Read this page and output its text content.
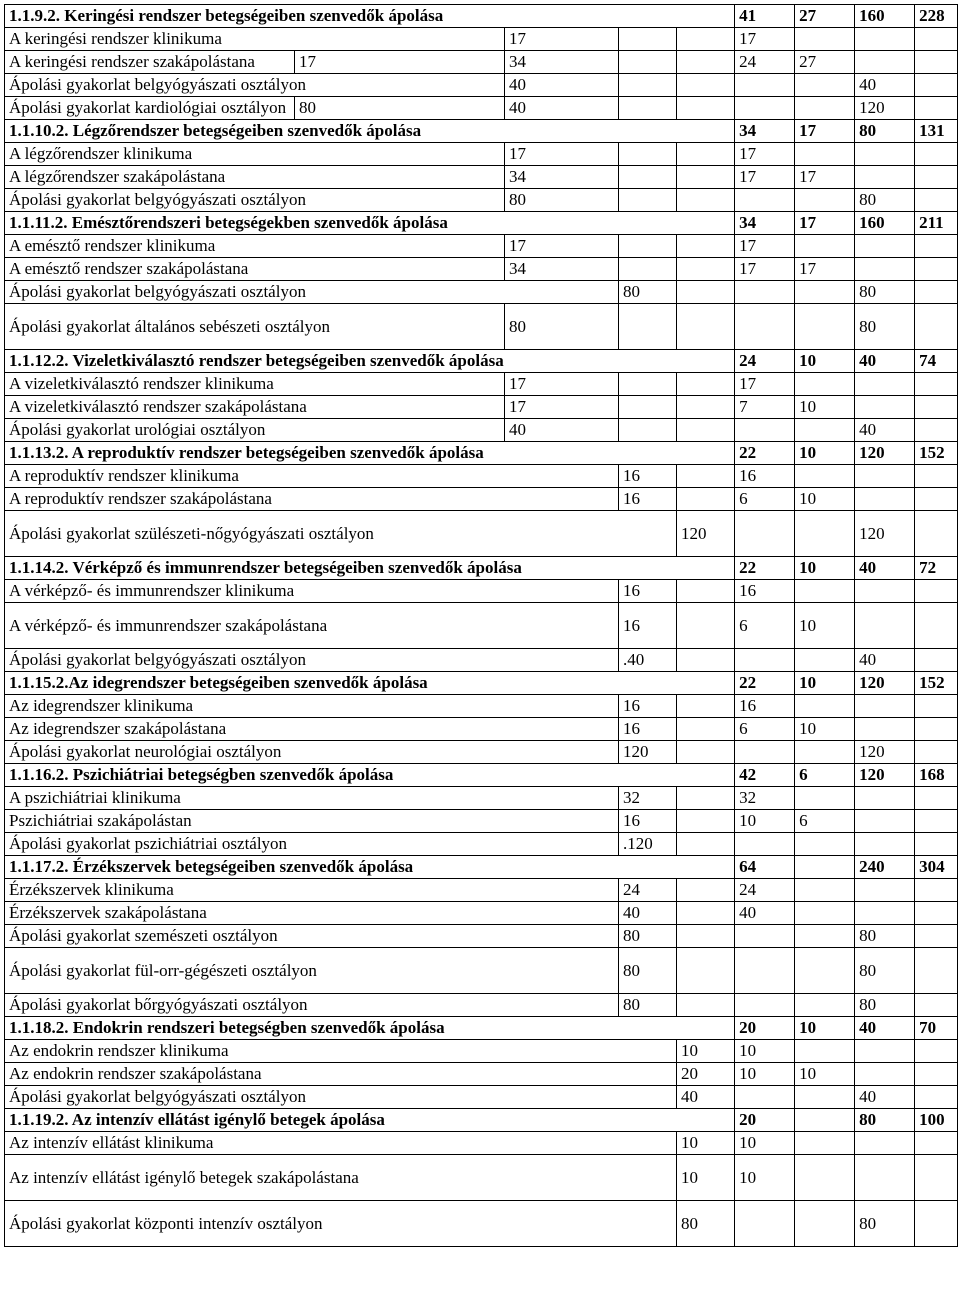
1.1.9.2. Keringési rendszer betegségeiben szenvedők ápolása					41	27	160	228
A keringési rendszer klinikuma		17			17			
A keringési rendszer szakápolástana	17	34			24	27		
Ápolási gyakorlat belgyógyászati osztályon		40					40	
Ápolási gyakorlat kardiológiai osztályon	80	40					120	
1.1.10.2. Légzőrendszer betegségeiben szenvedők ápolása					34	17	80	131
A légzőrendszer klinikuma		17			17			
A légzőrendszer szakápolástana		34			17	17		
Ápolási gyakorlat belgyógyászati osztályon		80					80	
1.1.11.2. Emésztőrendszeri betegségekben szenvedők ápolása					34	17	160	211
A emésztő rendszer klinikuma		17			17			
A emésztő rendszer szakápolástana		34			17	17		
Ápolási gyakorlat belgyógyászati osztályon			80				80	
Ápolási gyakorlat általános sebészeti osztályon		80					80	
1.1.12.2. Vizeletkiválasztó rendszer betegségeiben szenvedők ápolása					24	10	40	74
A vizeletkiválasztó rendszer klinikuma		17			17			
A vizeletkiválasztó rendszer szakápolástana		17			7	10		
Ápolási gyakorlat urológiai osztályon		40					40	
1.1.13.2. A reproduktív rendszer betegségeiben szenvedők ápolása					22	10	120	152
A reproduktív rendszer klinikuma			16		16			
A reproduktív rendszer szakápolástana			16		6	10		
Ápolási gyakorlat szülészeti-nőgyógyászati osztályon				120			120	
1.1.14.2. Vérképző és immunrendszer betegségeiben szenvedők ápolása					22	10	40	72
A vérképző- és immunrendszer klinikuma			16		16			
A vérképző- és immunrendszer szakápolástana			16		6	10		
Ápolási gyakorlat belgyógyászati osztályon			.40				40	
1.1.15.2.Az idegrendszer betegségeiben szenvedők ápolása					22	10	120	152
Az idegrendszer klinikuma			16		16			
Az idegrendszer szakápolástana			16		6	10		
Ápolási gyakorlat neurológiai osztályon			120				120	
1.1.16.2. Pszichiátriai betegségben szenvedők ápolása					42	6	120	168
A pszichiátriai klinikuma			32		32			
Pszichiátriai szakápolástan			16		10	6		
Ápolási gyakorlat pszichiátriai osztályon			.120					
1.1.17.2. Érzékszervek betegségeiben szenvedők ápolása					64		240	304
Érzékszervek klinikuma			24		24			
Érzékszervek szakápolástana			40		40			
Ápolási gyakorlat szemészeti osztályon			80				80	
Ápolási gyakorlat fül-orr-gégészeti osztályon			80				80	
Ápolási gyakorlat bőrgyógyászati osztályon			80				80	
1.1.18.2. Endokrin rendszeri betegségben szenvedők ápolása					20	10	40	70
Az endokrin rendszer klinikuma				10	10			
Az endokrin rendszer szakápolástana				20	10	10		
Ápolási gyakorlat belgyógyászati osztályon				40			40	
1.1.19.2. Az intenzív ellátást igénylő betegek ápolása					20		80	100
Az intenzív ellátást klinikuma				10	10			
Az intenzív ellátást igénylő betegek szakápolástana				10	10			
Ápolási gyakorlat központi intenzív osztályon				80			80	
